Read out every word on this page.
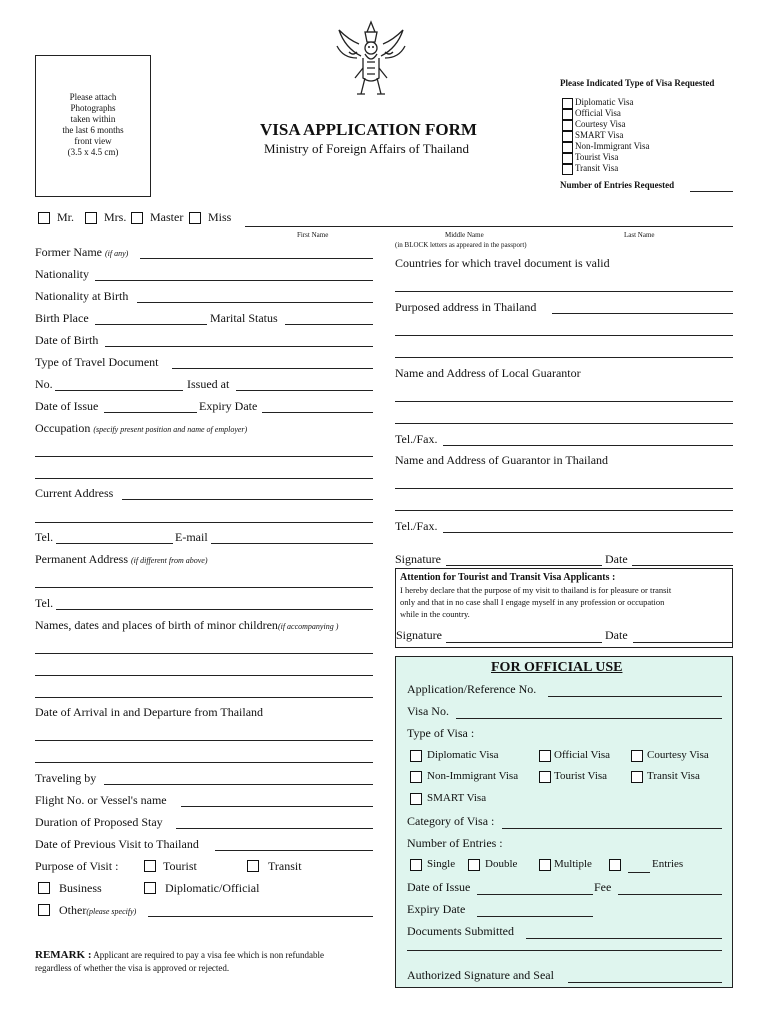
Please attach
Photographs
taken within
the last 6 months
front view
(3.5 x 4.5 cm)
VISA APPLICATION FORM
Ministry of Foreign Affairs of Thailand
Please Indicated Type of Visa Requested
Diplomatic Visa
Official Visa
Courtesy Visa
SMART Visa
Non-Immigrant Visa
Tourist Visa
Transit Visa
Number of Entries Requested
Mr. Mrs. Master Miss
First Name	Middle Name	Last Name
(in BLOCK letters as appeared in the passport)
Former Name (if any)
Nationality
Nationality at Birth
Birth Place	Marital Status
Date of Birth
Type of Travel Document
No.	Issued at
Date of Issue	Expiry Date
Occupation (specify present position and name of employer)
Current Address
Tel.	E-mail
Permanent Address (if different from above)
Tel.
Names, dates and places of birth of minor children(if accompanying )
Date of Arrival in and Departure from Thailand
Traveling by
Flight No. or Vessel's name
Duration of Proposed Stay
Date of Previous Visit to Thailand
Purpose of Visit :	Tourist	Transit
Business	Diplomatic/Official
Other(please specify)
REMARK : Applicant are required to pay a visa fee which is non refundable
regardless of whether the visa is approved or rejected.
Countries for which travel document is valid
Purposed address in Thailand
Name and Address of Local Guarantor
Tel./Fax.
Name and Address of Guarantor in Thailand
Tel./Fax.
Signature	Date
Attention for Tourist and Transit Visa Applicants :
I hereby declare that the purpose of my visit to thailand is for pleasure or transit
only and that in no case shall I engage myself in any profession or occupation
while in the country.
Signature	Date
FOR OFFICIAL USE
Application/Reference No.
Visa No.
Type of Visa :
Diplomatic Visa	Official Visa	Courtesy Visa
Non-Immigrant Visa	Tourist Visa	Transit Visa
SMART Visa
Category of Visa :
Number of Entries :
Single	Double	Multiple	Entries
Date of Issue	Fee
Expiry Date
Documents Submitted
Authorized Signature and Seal
